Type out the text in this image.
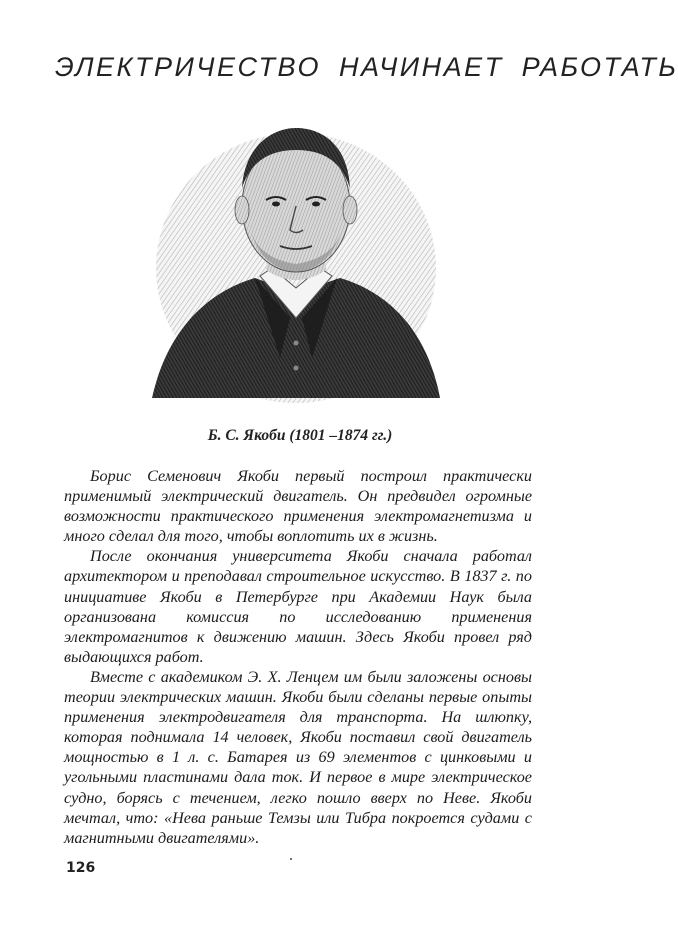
ЭЛЕКТРИЧЕСТВО НАЧИНАЕТ РАБОТАТЬ
Б. С. Якоби (1801 –1874 гг.)

Борис Семенович Якоби первый построил практически применимый электрический двигатель. Он предвидел огромные возможности практического применения электромагнетизма и много сделал для того, чтобы воплотить их в жизнь.

После окончания университета Якоби сначала работал архитектором и преподавал строительное искусство. В 1837 г. по инициативе Якоби в Петербурге при Академии Наук была организована комиссия по исследованию применения электромагнитов к движению машин. Здесь Якоби провел ряд выдающихся работ.

Вместе с академиком Э. Х. Ленцем им были заложены основы теории электрических машин. Якоби были сделаны первые опыты применения электродвигателя для транспорта. На шлюпку, которая поднимала 14 человек, Якоби поставил свой двигатель мощностью в 1 л. с. Батарея из 69 элементов с цинковыми и угольными пластинами дала ток. И первое в мире электрическое судно, борясь с течением, легко пошло вверх по Неве. Якоби мечтал, что: «Нева раньше Темзы или Тибра покроется судами с магнитными двигателями».

126
